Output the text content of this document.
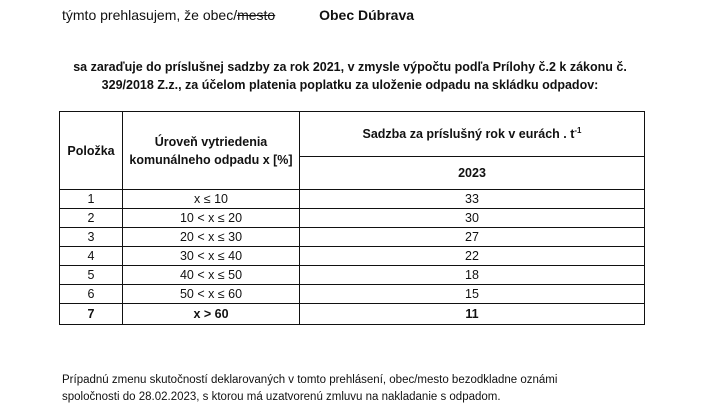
týmto prehlasujem, že obec/mesto	Obec Dúbrava
sa zaraďuje do príslušnej sadzby za rok 2021, v zmysle výpočtu podľa Prílohy č.2 k zákonu č.
329/2018 Z.z., za účelom platenia poplatku za uloženie odpadu na skládku odpadov:
Položka	Úroveň vytriedenia komunálneho odpadu x [%]	Sadzba za príslušný rok v eurách . $t^{-1}$
		2023
1	x ≤ 10	33
2	10 < x ≤ 20	30
3	20 < x ≤ 30	27
4	30 < x ≤ 40	22
5	40 < x ≤ 50	18
6	50 < x ≤ 60	15
7	x > 60	11
Prípadnú zmenu skutočností deklarovaných v tomto prehlásení, obec/mesto bezodkladne oznámi
spoločnosti do 28.02.2023, s ktorou má uzatvorenú zmluvu na nakladanie s odpadom.
